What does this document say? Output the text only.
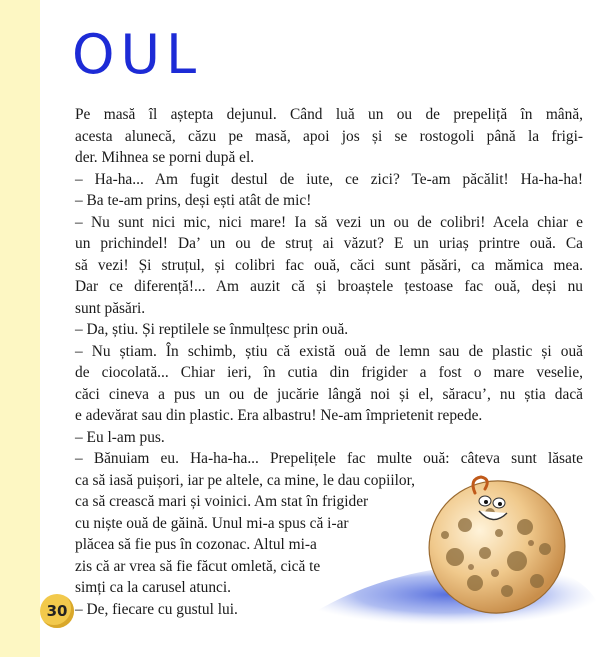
OUL

Pe masă îl aștepta dejunul. Când luă un ou de prepeliță în mână,

acesta alunecă, căzu pe masă, apoi jos și se rostogoli până la frigi-

der. Mihnea se porni după el.

– Ha-ha... Am fugit destul de iute, ce zici? Te-am păcălit! Ha-ha-ha!

– Ba te-am prins, deși ești atât de mic!

– Nu sunt nici mic, nici mare! Ia să vezi un ou de colibri! Acela chiar e

un prichindel! Da’ un ou de struț ai văzut? E un uriaș printre ouă. Ca

să vezi! Și struțul, și colibri fac ouă, căci sunt păsări, ca mămica mea.

Dar ce diferență!... Am auzit că și broaștele țestoase fac ouă, deși nu

sunt păsări.

– Da, știu. Și reptilele se înmulțesc prin ouă.

– Nu știam. În schimb, știu că există ouă de lemn sau de plastic și ouă

de ciocolată... Chiar ieri, în cutia din frigider a fost o mare veselie,

căci cineva a pus un ou de jucărie lângă noi și el, săracu’, nu știa dacă

e adevărat sau din plastic. Era albastru! Ne-am împrietenit repede.

– Eu l-am pus.

– Bănuiam eu. Ha-ha-ha... Prepelițele fac multe ouă: câteva sunt lăsate

ca să iasă puișori, iar pe altele, ca mine, le dau copiilor,

ca să crească mari și voinici. Am stat în frigider

cu niște ouă de găină. Unul mi-a spus că i-ar

plăcea să fie pus în cozonac. Altul mi-a

zis că ar vrea să fie făcut omletă, cică te

simți ca la carusel atunci.

– De, fiecare cu gustul lui.

30
